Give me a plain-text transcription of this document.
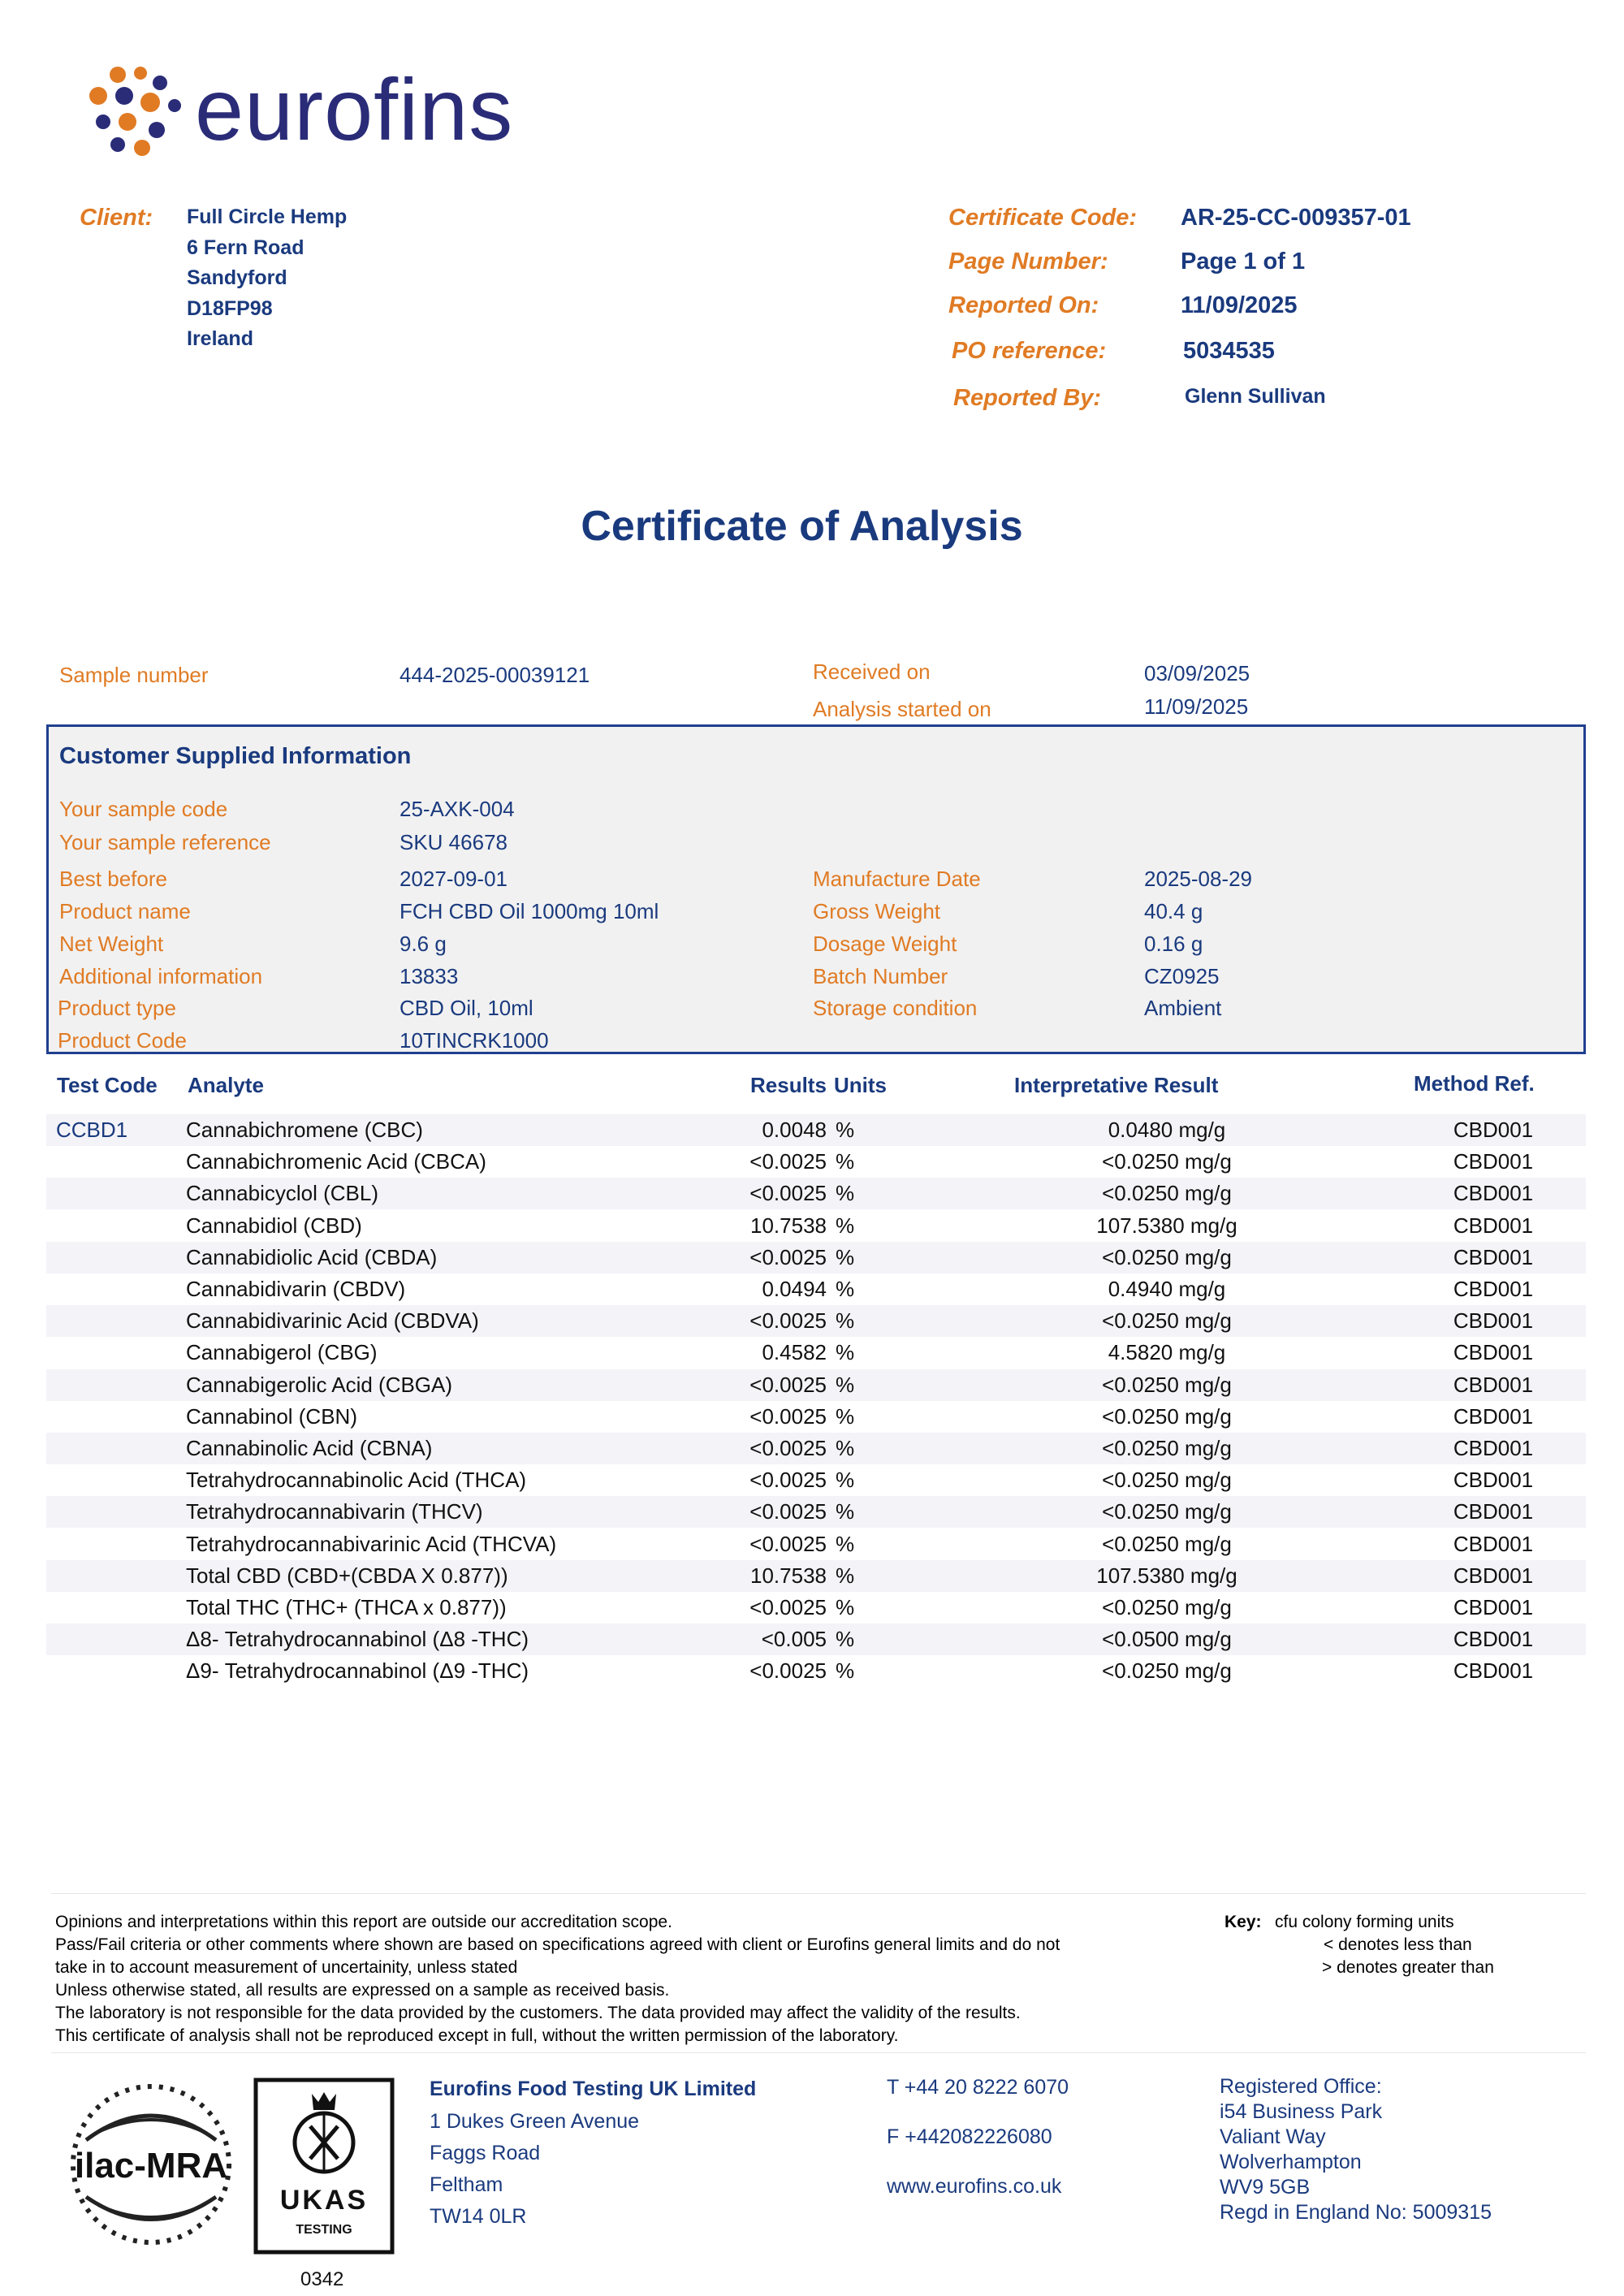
eurofins
Client: Full Circle Hemp
6 Fern Road
Sandyford
D18FP98
Ireland
Certificate Code: AR-25-CC-009357-01
Page Number:	Page 1 of 1
Reported On:	11/09/2025
PO reference:	5034535
Reported By:	Glenn Sullivan
Certificate of Analysis
Sample number	444-2025-00039121	Received on	03/09/2025
Analysis started on	11/09/2025
Customer Supplied Information
Your sample code	25-AXK-004
Your sample reference	SKU 46678
Best before	2027-09-01
Product name	FCH CBD Oil 1000mg 10ml
Net Weight	9.6 g
Additional information	13833
Product type	CBD Oil, 10ml
Product Code	10TINCRK1000
Manufacture Date	2025-08-29
Gross Weight	40.4 g
Dosage Weight	0.16 g
Batch Number	CZ0925
Storage condition	Ambient
Test Code Analyte	Results Units	Interpretative Result	Method Ref.
CCBD1	Cannabichromene (CBC)	0.0048 %	0.0480 mg/g	CBD001
Cannabichromenic Acid (CBCA)	<0.0025 %	<0.0250 mg/g	CBD001
Cannabicyclol (CBL)	<0.0025 %	<0.0250 mg/g	CBD001
Cannabidiol (CBD)	10.7538 %	107.5380 mg/g	CBD001
Cannabidiolic Acid (CBDA)	<0.0025 %	<0.0250 mg/g	CBD001
Cannabidivarin (CBDV)	0.0494 %	0.4940 mg/g	CBD001
Cannabidivarinic Acid (CBDVA)	<0.0025 %	<0.0250 mg/g	CBD001
Cannabigerol (CBG)	0.4582 %	4.5820 mg/g	CBD001
Cannabigerolic Acid (CBGA)	<0.0025 %	<0.0250 mg/g	CBD001
Cannabinol (CBN)	<0.0025 %	<0.0250 mg/g	CBD001
Cannabinolic Acid (CBNA)	<0.0025 %	<0.0250 mg/g	CBD001
Tetrahydrocannabinolic Acid (THCA)	<0.0025 %	<0.0250 mg/g	CBD001
Tetrahydrocannabivarin (THCV)	<0.0025 %	<0.0250 mg/g	CBD001
Tetrahydrocannabivarinic Acid (THCVA)	<0.0025 %	<0.0250 mg/g	CBD001
Total CBD (CBD+(CBDA X 0.877))	10.7538 %	107.5380 mg/g	CBD001
Total THC (THC+ (THCA x 0.877))	<0.0025 %	<0.0250 mg/g	CBD001
Δ8- Tetrahydrocannabinol (Δ8 -THC)	<0.005 %	<0.0500 mg/g	CBD001
Δ9- Tetrahydrocannabinol (Δ9 -THC)	<0.0025 %	<0.0250 mg/g	CBD001
Opinions and interpretations within this report are outside our accreditation scope.
Pass/Fail criteria or other comments where shown are based on specifications agreed with client or Eurofins general limits and do not
take in to account measurement of uncertainity, unless stated
Unless otherwise stated, all results are expressed on a sample as received basis.
The laboratory is not responsible for the data provided by the customers. The data provided may affect the validity of the results.
This certificate of analysis shall not be reproduced except in full, without the written permission of the laboratory.
Key: cfu colony forming units
< denotes less than
> denotes greater than
ilac-MRA
UKAS
TESTING
0342
Eurofins Food Testing UK Limited
1 Dukes Green Avenue
Faggs Road
Feltham
TW14 0LR
T +44 20 8222 6070
F +442082226080
www.eurofins.co.uk
Registered Office:
i54 Business Park
Valiant Way
Wolverhampton
WV9 5GB
Regd in England No: 5009315
